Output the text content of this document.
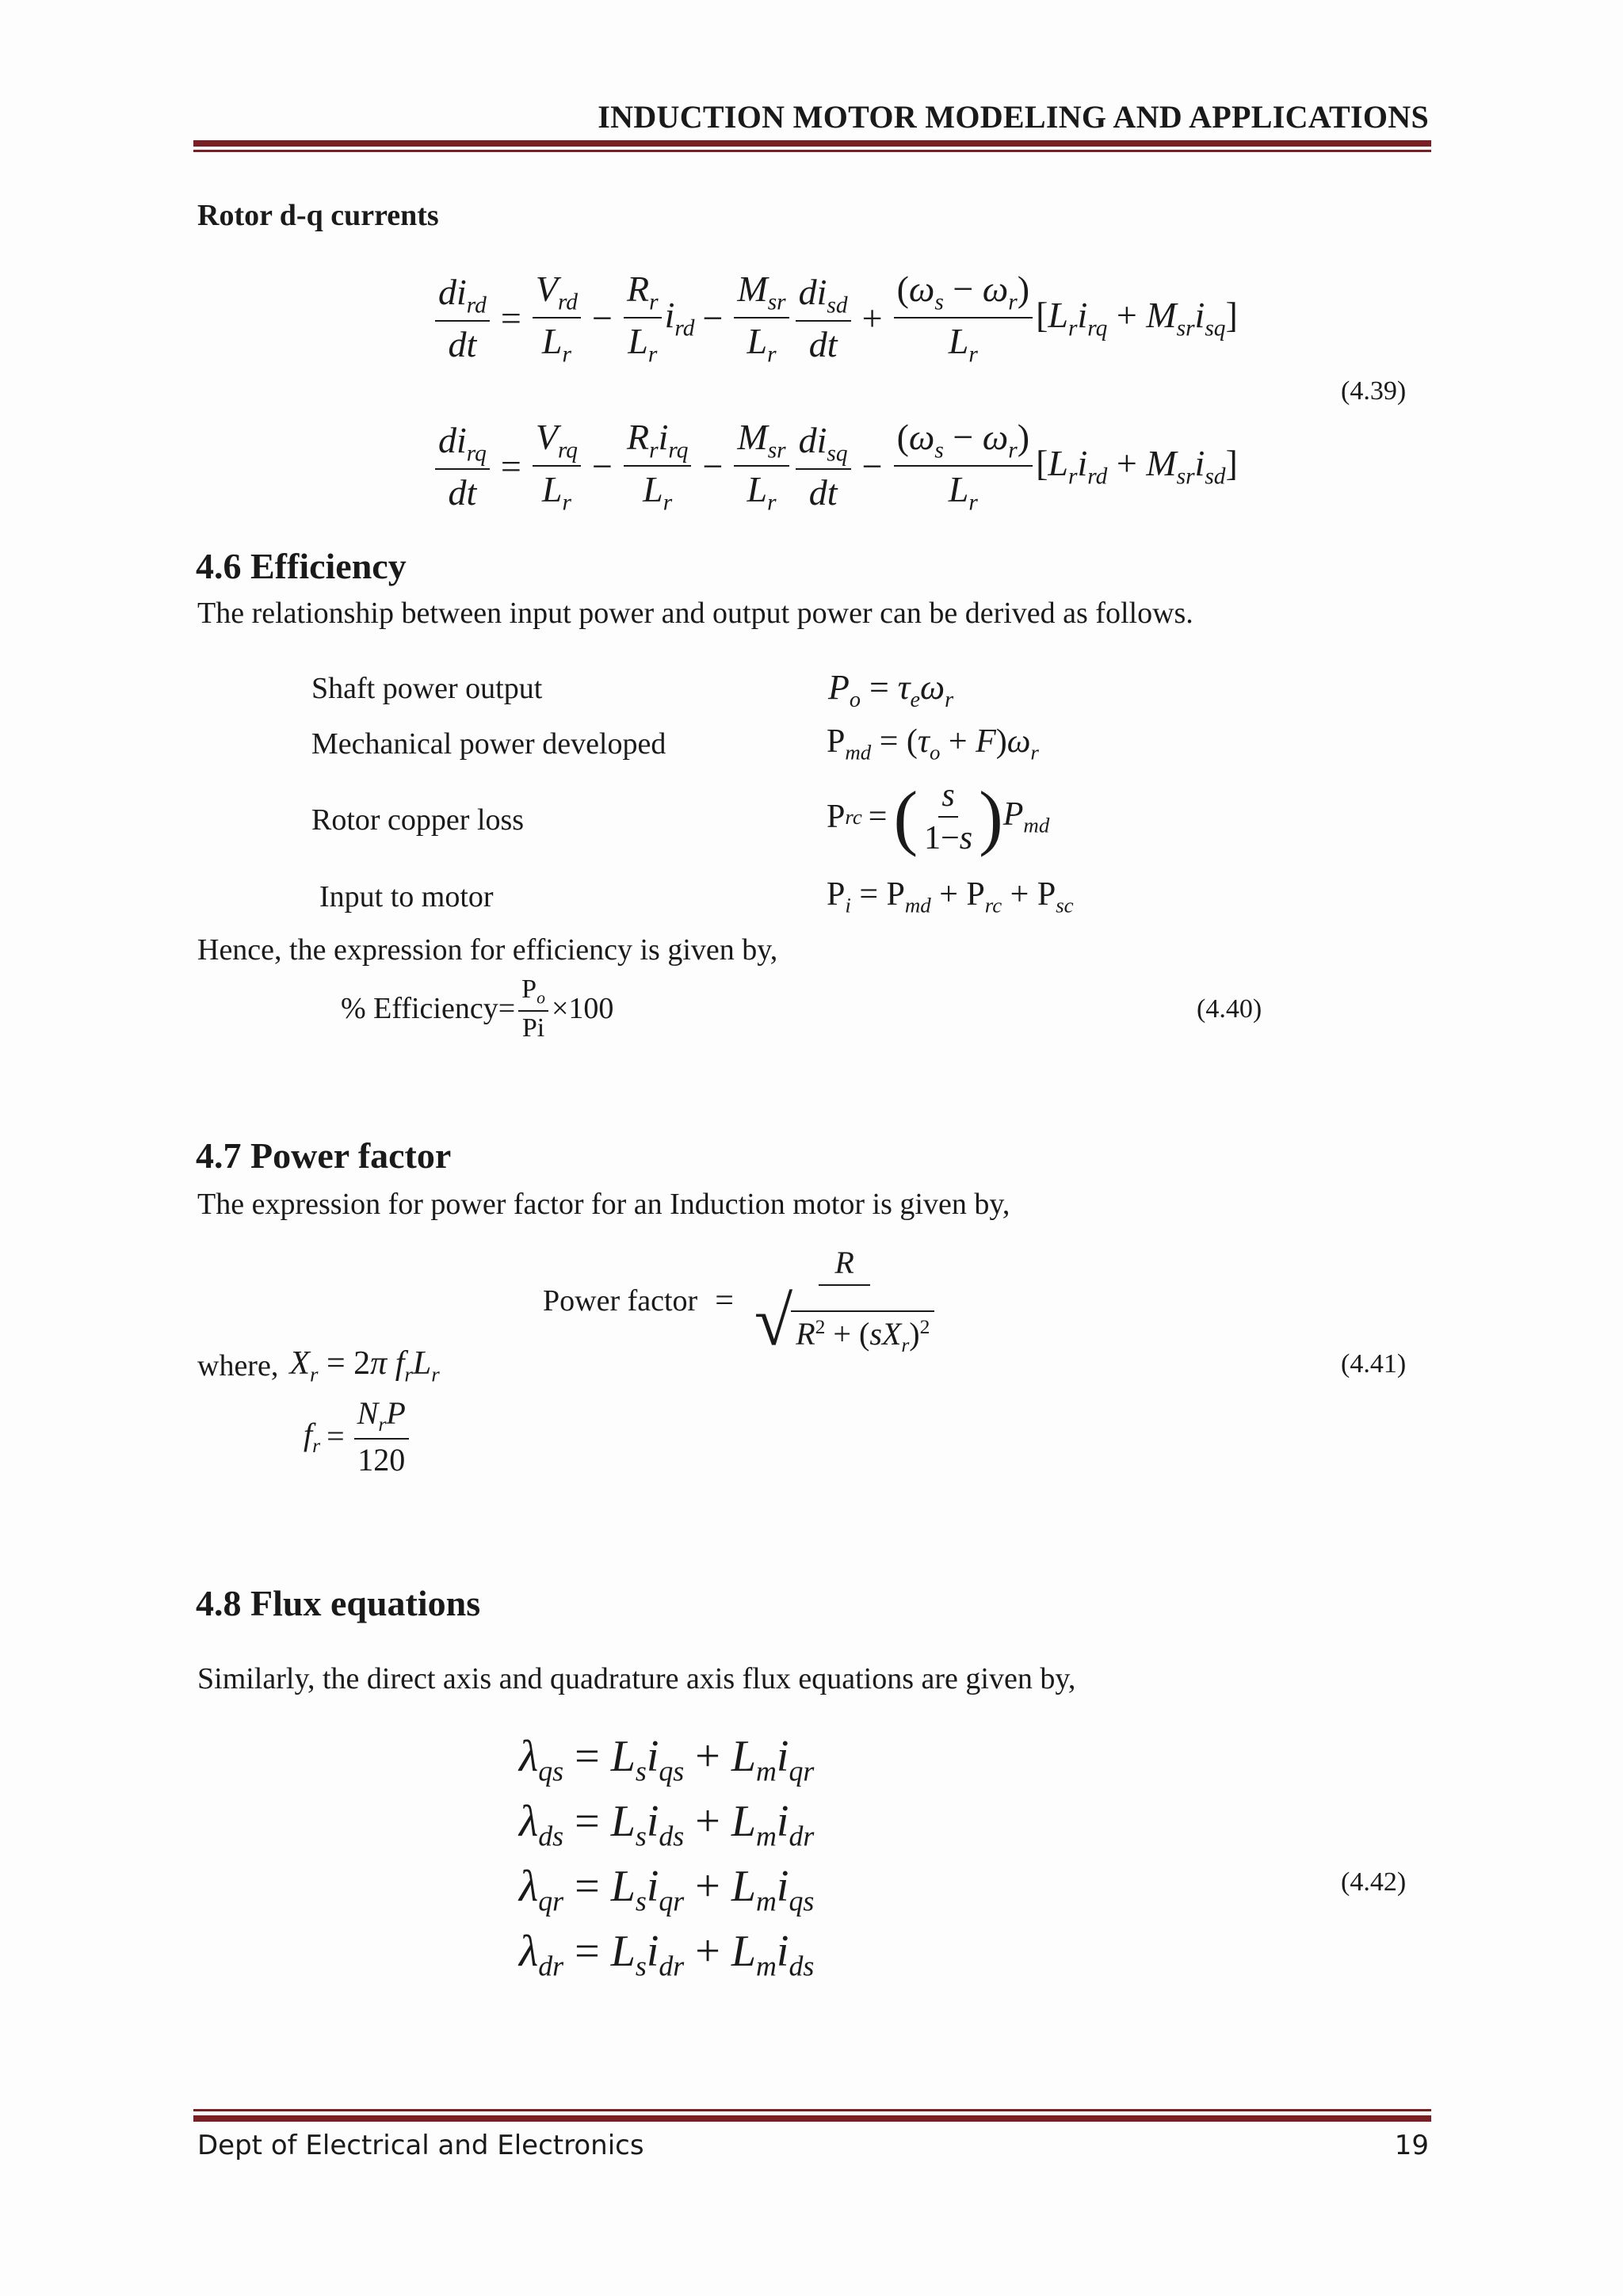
INDUCTION MOTOR MODELING AND APPLICATIONS
Rotor d-q currents
$\frac{di_{rd}}{dt} = \frac{V_{rd}}{L_r} - \frac{R_r}{L_r} i_{rd} - \frac{M_{sr}}{L_r} \frac{di_{sd}}{dt} + \frac{(\omega_s - \omega_r)}{L_r} [L_ri_{rq} + M_{sr}i_{sq}]$
(4.39)
$\frac{di_{rq}}{dt} = \frac{V_{rq}}{L_r} - \frac{R_ri_{rq}}{L_r} - \frac{M_{sr}}{L_r} \frac{di_{sq}}{dt} - \frac{(\omega_s - \omega_r)}{L_r} [L_ri_{rd} + M_{sr}i_{sd}]$
4.6 Efficiency
The relationship between input power and output power can be derived as follows.
Shaft power output	$P_o = \tau_e\omega_r$
Mechanical power developed	$P_{md} = (\tau_o + F)\omega_r$
Rotor copper loss	P rc = ( $\frac{s}{1-s}$ ) $P_{md}$
Input to motor	$P_i = P_{md} + P_{rc} + P_{sc}$
Hence, the expression for efficiency is given by,
% Efficiency= $\frac{P_o}{Pi} \times 100$	(4.40)
4.7 Power factor
The expression for power factor for an Induction motor is given by,
Power factor = $\frac{R}{√ R^2 + (sX_r)^2}$
where, $X_r = 2\pi$ $f_rL_r$	(4.41)
$f_r = \frac{N_rP}{120}$
4.8 Flux equations
Similarly, the direct axis and quadrature axis flux equations are given by,
$\lambda_{qs} = L_si_{qs} + L_mi_{qr}$
$\lambda_{ds} = L_si_{ds} + L_mi_{dr}$
$\lambda_{qr} = L_si_{qr} + L_mi_{qs}$
$\lambda_{dr} = L_si_{dr} + L_mi_{ds}$
(4.42)
Dept of Electrical and Electronics	19
